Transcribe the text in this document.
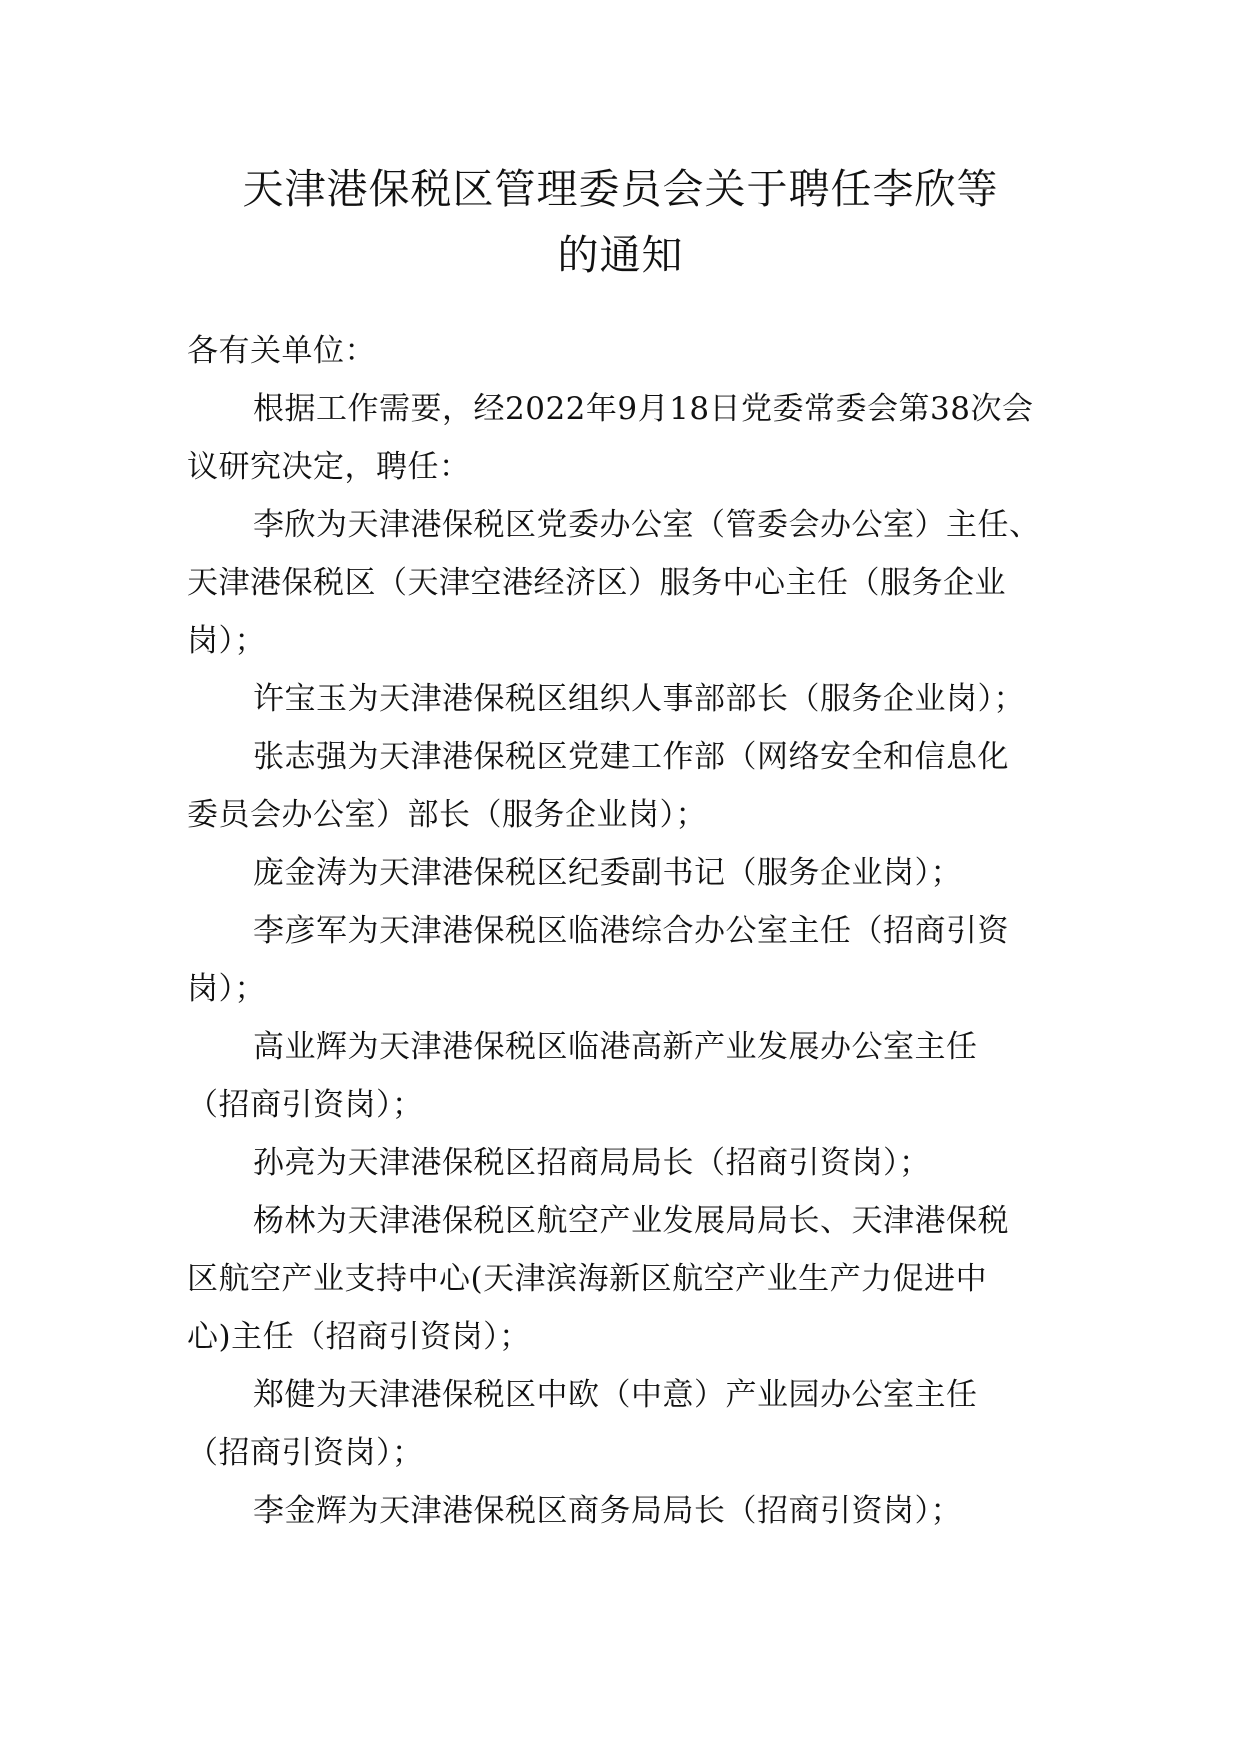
天津港保税区管理委员会关于聘任李欣等
的通知
各有关单位：
根据工作需要，经2022年9月18日党委常委会第38次会
议研究决定，聘任：
李欣为天津港保税区党委办公室（管委会办公室）主任、
天津港保税区（天津空港经济区）服务中心主任（服务企业
岗）；
许宝玉为天津港保税区组织人事部部长（服务企业岗）；
张志强为天津港保税区党建工作部（网络安全和信息化
委员会办公室）部长（服务企业岗）；
庞金涛为天津港保税区纪委副书记（服务企业岗）；
李彦军为天津港保税区临港综合办公室主任（招商引资
岗）；
高业辉为天津港保税区临港高新产业发展办公室主任
（招商引资岗）；
孙亮为天津港保税区招商局局长（招商引资岗）；
杨林为天津港保税区航空产业发展局局长、天津港保税
区航空产业支持中心(天津滨海新区航空产业生产力促进中
心)主任（招商引资岗）；
郑健为天津港保税区中欧（中意）产业园办公室主任
（招商引资岗）；
李金辉为天津港保税区商务局局长（招商引资岗）；
